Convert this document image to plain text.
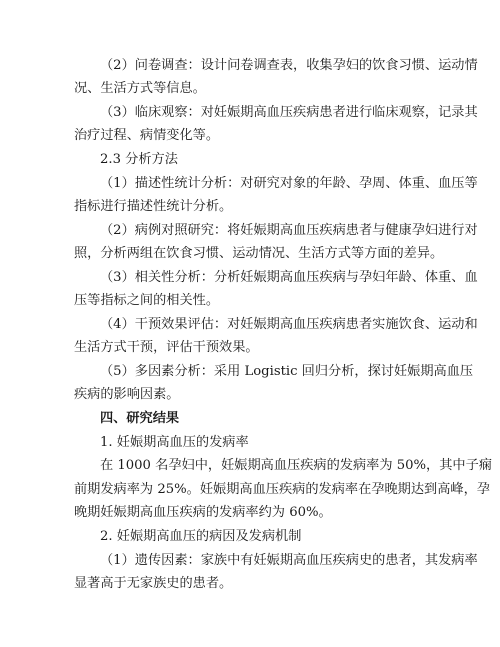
（2）问卷调查：设计问卷调查表，收集孕妇的饮食习惯、运动情
况、生活方式等信息。
（3）临床观察：对妊娠期高血压疾病患者进行临床观察，记录其
治疗过程、病情变化等。
2.3 分析方法
（1）描述性统计分析：对研究对象的年龄、孕周、体重、血压等
指标进行描述性统计分析。
（2）病例对照研究：将妊娠期高血压疾病患者与健康孕妇进行对
照，分析两组在饮食习惯、运动情况、生活方式等方面的差异。
（3）相关性分析：分析妊娠期高血压疾病与孕妇年龄、体重、血
压等指标之间的相关性。
（4）干预效果评估：对妊娠期高血压疾病患者实施饮食、运动和
生活方式干预，评估干预效果。
（5）多因素分析：采用 Logistic 回归分析，探讨妊娠期高血压
疾病的影响因素。
四、研究结果
1. 妊娠期高血压的发病率
在 1000 名孕妇中，妊娠期高血压疾病的发病率为 50%，其中子痫
前期发病率为 25%。妊娠期高血压疾病的发病率在孕晚期达到高峰，孕
晚期妊娠期高血压疾病的发病率约为 60%。
2. 妊娠期高血压的病因及发病机制
（1）遗传因素：家族中有妊娠期高血压疾病史的患者，其发病率
显著高于无家族史的患者。
